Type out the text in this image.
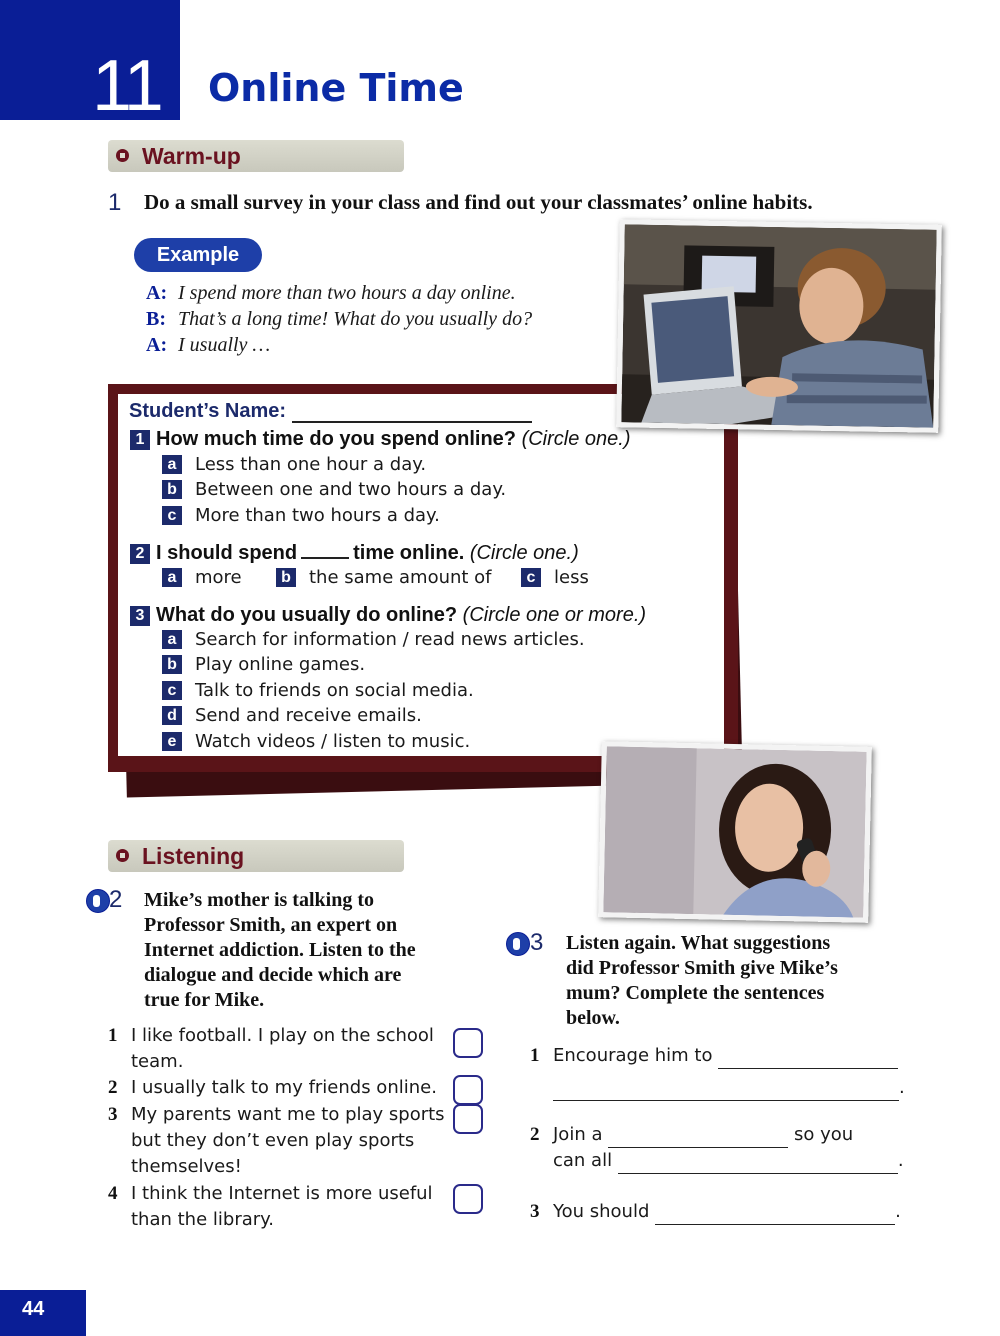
11 Online Time
Warm-up
1 Do a small survey in your class and find out your classmates’ online habits.
Example
A: I spend more than two hours a day online.
B: That’s a long time! What do you usually do?
A: I usually …
Student’s Name:
1 How much time do you spend online? (Circle one.)
a Less than one hour a day.
b Between one and two hours a day.
c More than two hours a day.
2 I should spend	time online. (Circle one.)
a more	b the same amount of	c less
3 What do you usually do online? (Circle one or more.)
a Search for information / read news articles.
b Play online games.
c Talk to friends on social media.
d Send and receive emails.
e Watch videos / listen to music.
Listening
2 Mike’s mother is talking to
Professor Smith, an expert on
Internet addiction. Listen to the
dialogue and decide which are
true for Mike.
1 I like football. I play on the school
team.
2 I usually talk to my friends online.
3 My parents want me to play sports
but they don’t even play sports
themselves!
4 I think the Internet is more useful
than the library.
3 Listen again. What suggestions
did Professor Smith give Mike’s
mum? Complete the sentences
below.
1 Encourage him to
.
2 Join a	so you
can all	.
3 You should	.
44
